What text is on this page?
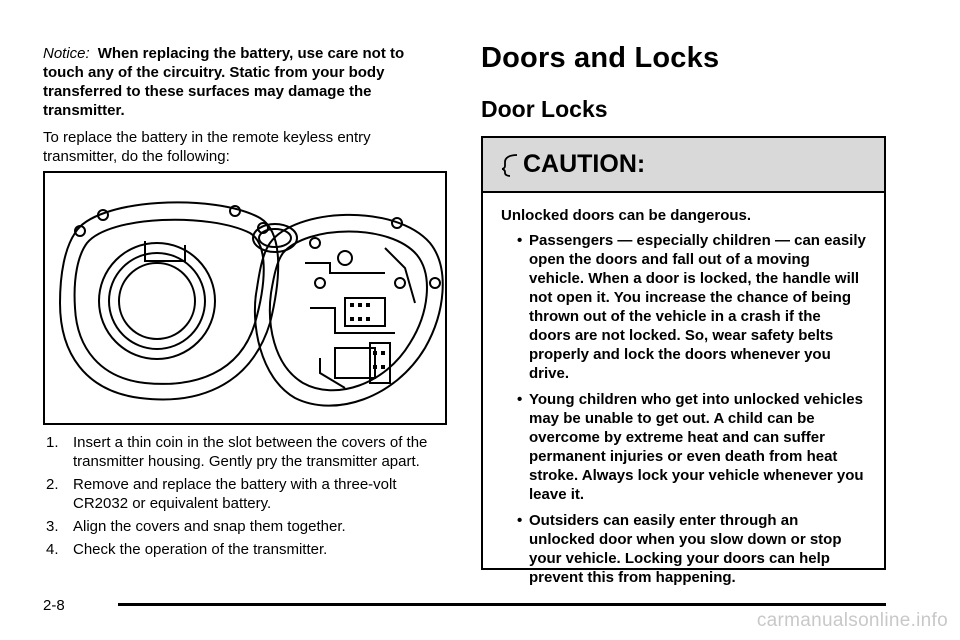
Notice: When replacing the battery, use care not to touch any of the circuitry. Static from your body transferred to these surfaces may damage the transmitter.

To replace the battery in the remote keyless entry transmitter, do the following:

1. Insert a thin coin in the slot between the covers of the transmitter housing. Gently pry the transmitter apart.
2. Remove and replace the battery with a three-volt CR2032 or equivalent battery.
3. Align the covers and snap them together.
4. Check the operation of the transmitter.
Doors and Locks
Door Locks
CAUTION:

Unlocked doors can be dangerous.

• Passengers — especially children — can easily open the doors and fall out of a moving vehicle. When a door is locked, the handle will not open it. You increase the chance of being thrown out of the vehicle in a crash if the doors are not locked. So, wear safety belts properly and lock the doors whenever you drive.
• Young children who get into unlocked vehicles may be unable to get out. A child can be overcome by extreme heat and can suffer permanent injuries or even death from heat stroke. Always lock your vehicle whenever you leave it.
• Outsiders can easily enter through an unlocked door when you slow down or stop your vehicle. Locking your doors can help prevent this from happening.
2-8
carmanualsonline.info
